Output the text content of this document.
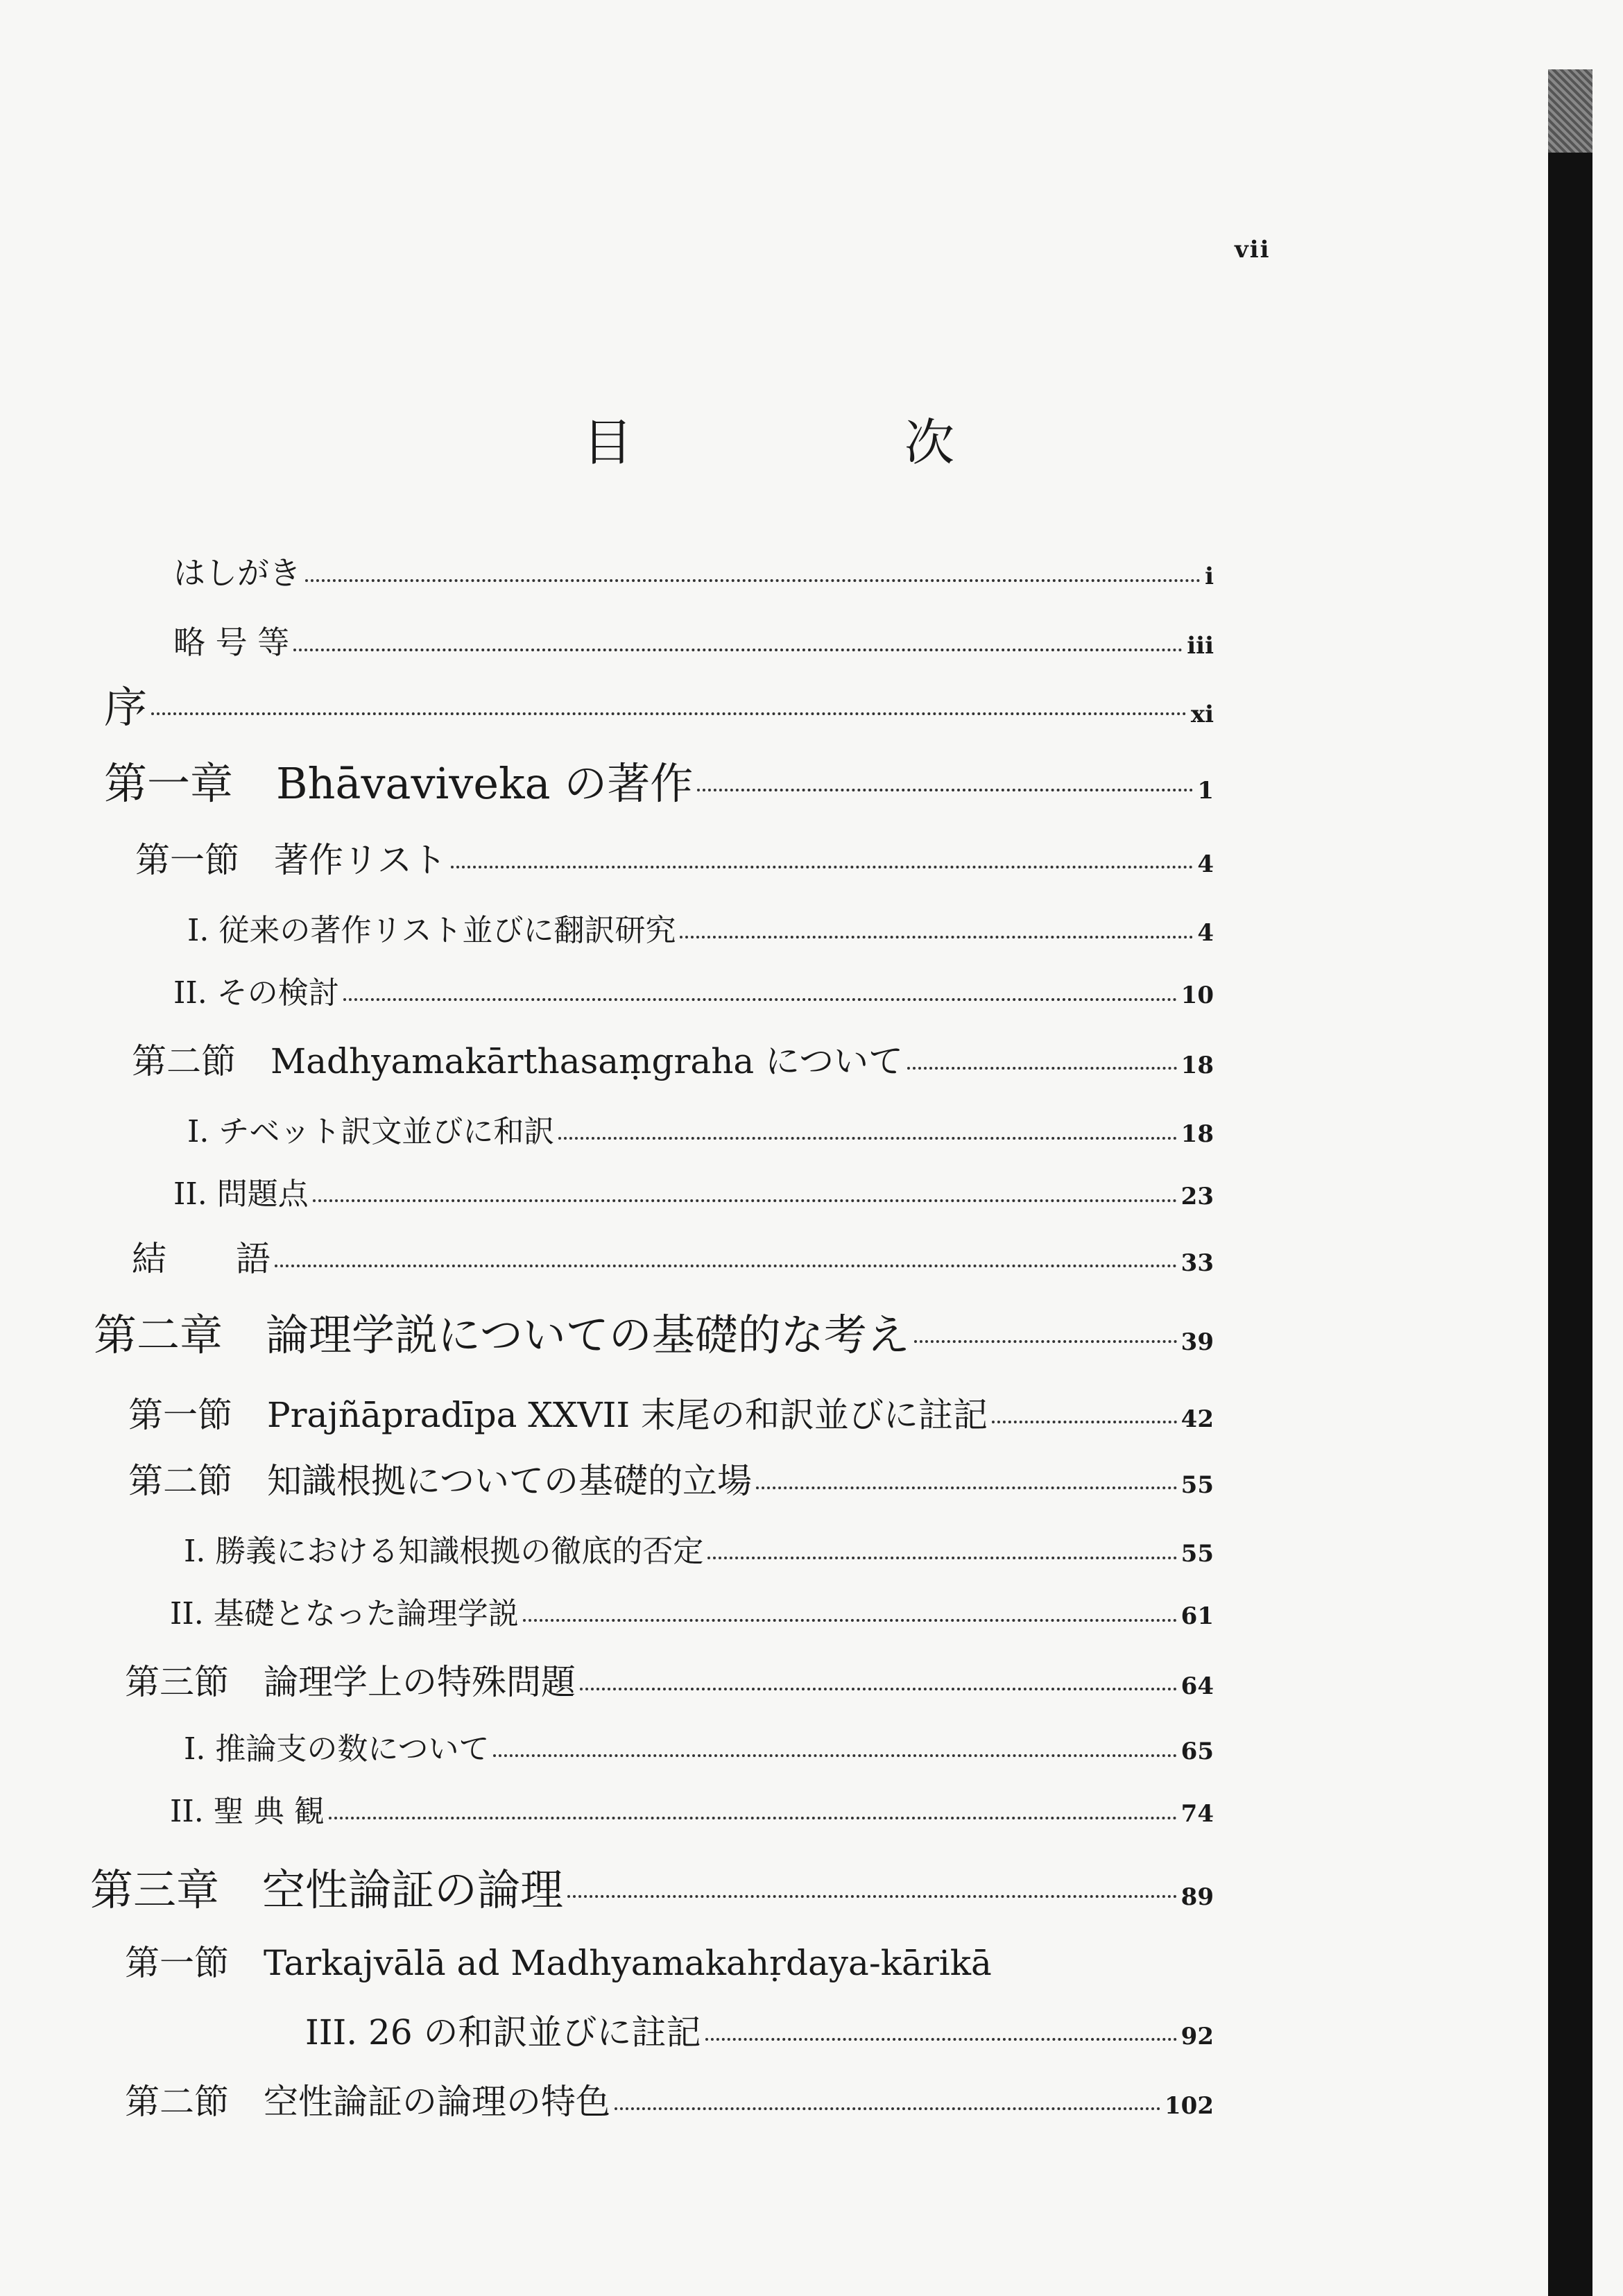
vii
目　次
はしがき	i
略 号 等	iii
序	xi
第一章　Bhāvaviveka の著作	1
第一節　著作リスト	4
I. 従来の著作リスト並びに翻訳研究	4
II. その検討	10
第二節　Madhyamakārthasaṃgraha について	18
I. チベット訳文並びに和訳	18
II. 問題点	23
結　　語	33
第二章　論理学説についての基礎的な考え	39
第一節　Prajñāpradīpa XXVII 末尾の和訳並びに註記	42
第二節　知識根拠についての基礎的立場	55
I. 勝義における知識根拠の徹底的否定	55
II. 基礎となった論理学説	61
第三節　論理学上の特殊問題	64
I. 推論支の数について	65
II. 聖 典 観	74
第三章　空性論証の論理	89
第一節　Tarkajvālā ad Madhyamakahṛdaya-kārikā
III. 26 の和訳並びに註記	92
第二節　空性論証の論理の特色	102
